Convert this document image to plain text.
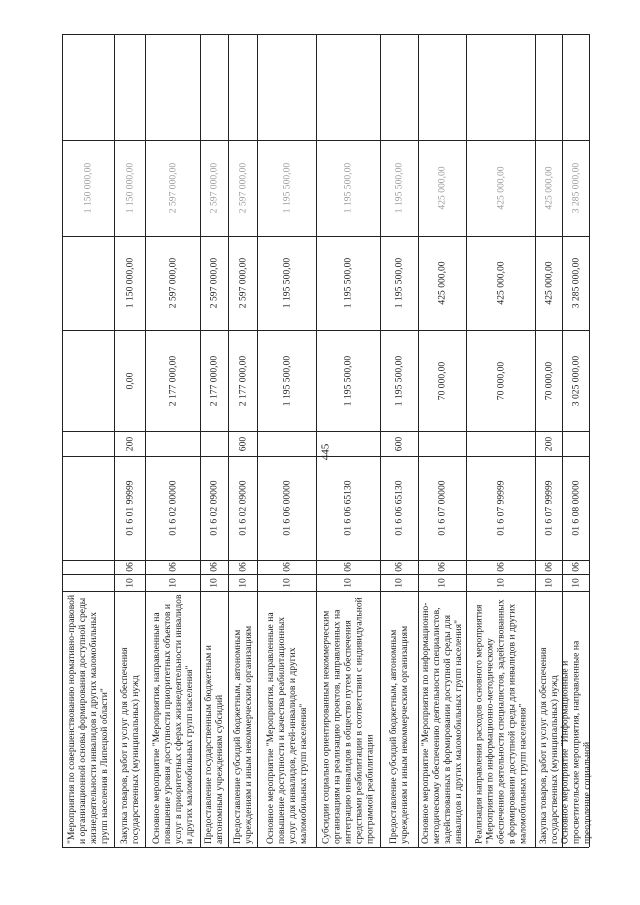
445
"Мероприятия по совершенствованию нормативно-правовой и организационной основы формирования доступной среды жизнедеятельности инвалидов и других маломобильных групп населения в Липецкой области"
1 150 000,00
Закупка товаров, работ и услуг для обеспечения государственных (муниципальных) нужд
10
06
01 6 01 99999
200
0,00
1 150 000,00
1 150 000,00
Основное мероприятие "Мероприятия, направленные на повышение уровня доступности приоритетных объектов и услуг в приоритетных сферах жизнедеятельности инвалидов и других маломобильных групп населения"
10
06
01 6 02 00000
2 177 000,00
2 597 000,00
2 597 000,00
Предоставление государственным бюджетным и автономным учреждениям субсидий
10
06
01 6 02 09000
2 177 000,00
2 597 000,00
2 597 000,00
Предоставление субсидий бюджетным, автономным учреждениям и иным некоммерческим организациям
10
06
01 6 02 09000
600
2 177 000,00
2 597 000,00
2 597 000,00
Основное мероприятие "Мероприятия, направленные на повышение доступности и качества реабилитационных услуг для инвалидов, детей-инвалидов и других маломобильных групп населения"
10
06
01 6 06 00000
1 195 500,00
1 195 500,00
1 195 500,00
Субсидии социально ориентированным некоммерческим организациям на реализацию проектов, направленных на интеграцию инвалидов в общество путем обеспечения средствами реабилитации в соответствии с индивидуальной программой реабилитации
10
06
01 6 06 65130
1 195 500,00
1 195 500,00
1 195 500,00
Предоставление субсидий бюджетным, автономным учреждениям и иным некоммерческим организациям
10
06
01 6 06 65130
600
1 195 500,00
1 195 500,00
1 195 500,00
Основное мероприятие "Мероприятия по информационно-методическому обеспечению деятельности специалистов, задействованных в формировании доступной среды для инвалидов и других маломобильных групп населения"
10
06
01 6 07 00000
70 000,00
425 000,00
425 000,00
Реализация направления расходов основного мероприятия "Мероприятия по информационно-методическому обеспечению деятельности специалистов, задействованных в формировании доступной среды для инвалидов и других маломобильных групп населения"
10
06
01 6 07 99999
70 000,00
425 000,00
425 000,00
Закупка товаров, работ и услуг для обеспечения государственных (муниципальных) нужд
10
06
01 6 07 99999
200
70 000,00
425 000,00
425 000,00
Основное мероприятие "Информационные и просветительские мероприятия, направленные на преодоление социальной
10
06
01 6 08 00000
3 025 000,00
3 285 000,00
3 285 000,00
